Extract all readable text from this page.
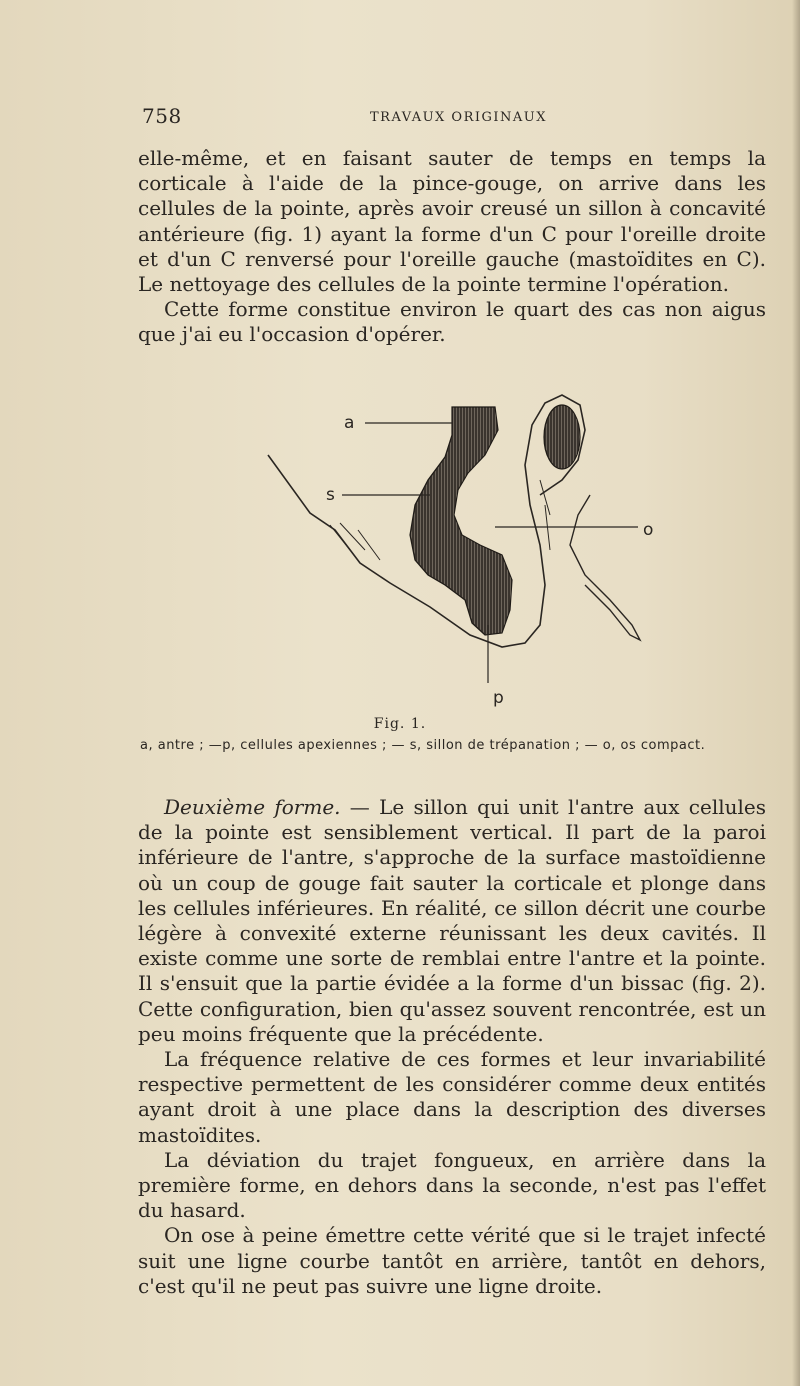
758	TRAVAUX ORIGINAUX

elle-même, et en faisant sauter de temps en temps la corticale à l'aide de la pince-gouge, on arrive dans les cellules de la pointe, après avoir creusé un sillon à concavité antérieure (fig. 1) ayant la forme d'un C pour l'oreille droite et d'un C renversé pour l'oreille gauche (mastoïdites en C). Le nettoyage des cellules de la pointe termine l'opération.

Cette forme constitue environ le quart des cas non aigus que j'ai eu l'occasion d'opérer.

a
s
o
p
Fig. 1.
a, antre ; —p, cellules apexiennes ; — s, sillon de trépanation ; — o, os compact.

Deuxième forme. — Le sillon qui unit l'antre aux cellules de la pointe est sensiblement vertical. Il part de la paroi inférieure de l'antre, s'approche de la surface mastoïdienne où un coup de gouge fait sauter la corticale et plonge dans les cellules inférieures. En réalité, ce sillon décrit une courbe légère à convexité externe réunissant les deux cavités. Il existe comme une sorte de remblai entre l'antre et la pointe. Il s'ensuit que la partie évidée a la forme d'un bissac (fig. 2). Cette configuration, bien qu'assez souvent rencontrée, est un peu moins fréquente que la précédente.

La fréquence relative de ces formes et leur invariabilité respective permettent de les considérer comme deux entités ayant droit à une place dans la description des diverses mastoïdites.

La déviation du trajet fongueux, en arrière dans la première forme, en dehors dans la seconde, n'est pas l'effet du hasard.

On ose à peine émettre cette vérité que si le trajet infecté suit une ligne courbe tantôt en arrière, tantôt en dehors, c'est qu'il ne peut pas suivre une ligne droite.
